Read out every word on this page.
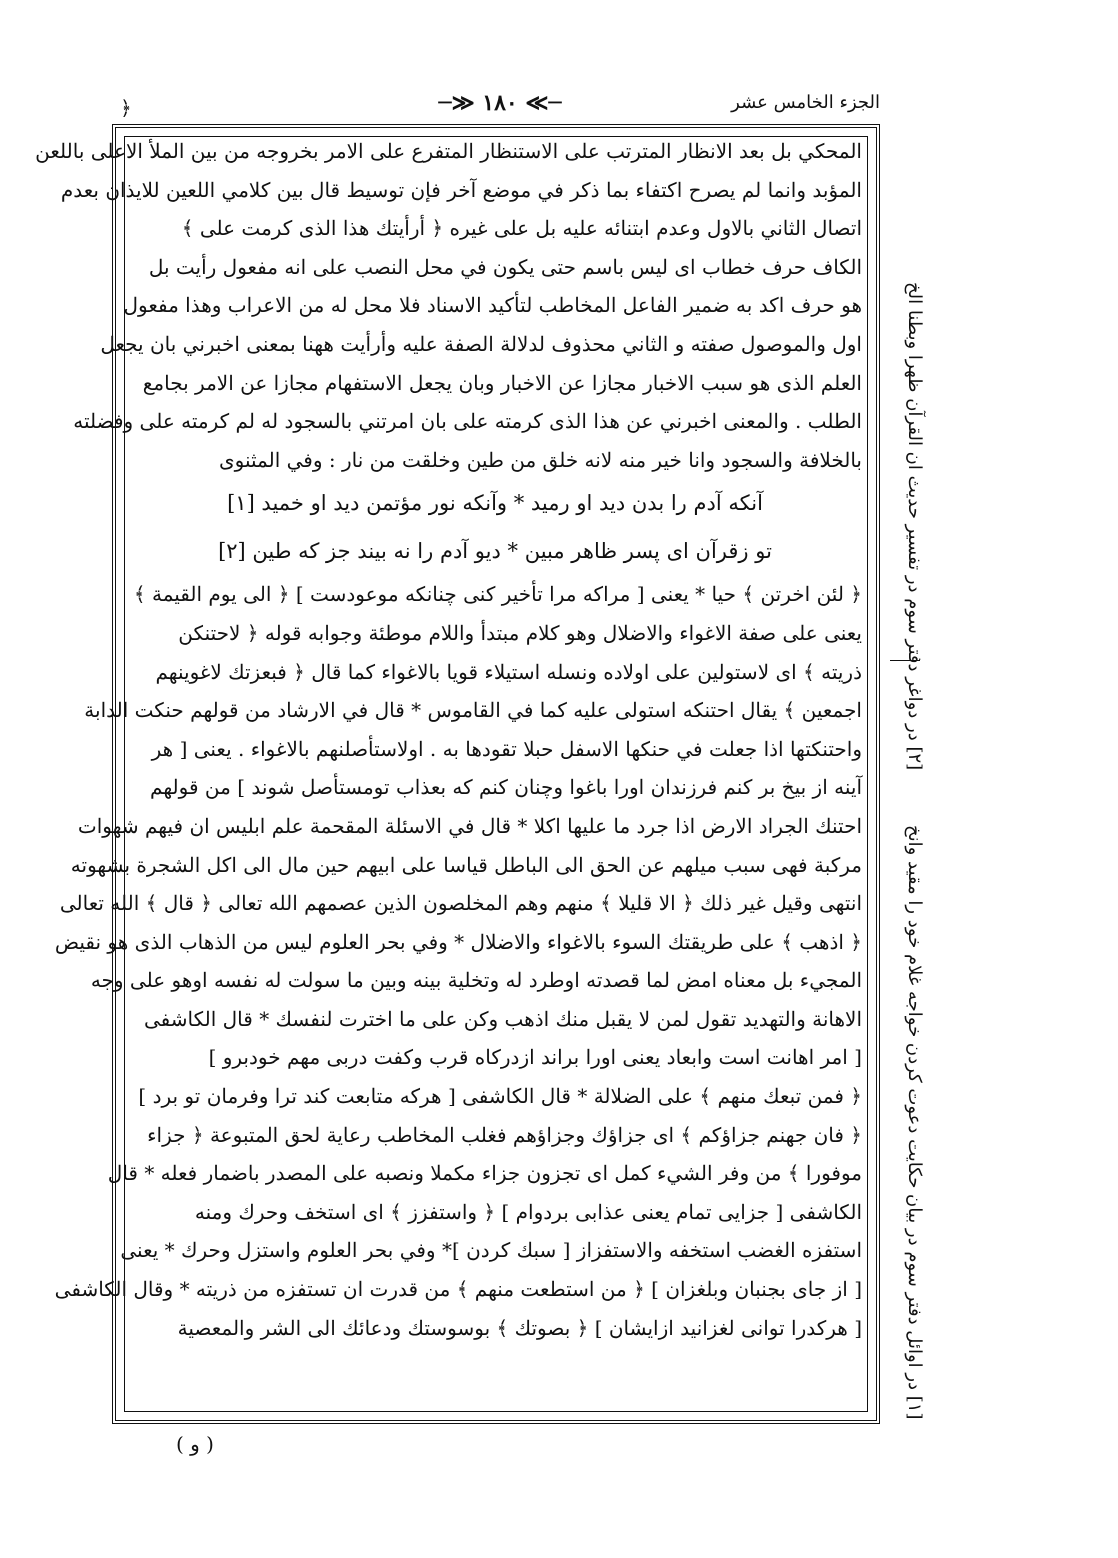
﴿	─≫ ١٨٠ ≪─	الجزء الخامس عشر
المحكي بل بعد الانظار المترتب على الاستنظار المتفرع على الامر بخروجه من بين الملأ الاعلى باللعن
المؤبد وانما لم يصرح اكتفاء بما ذكر في موضع آخر فإن توسيط قال بين كلامي اللعين للايذان بعدم
اتصال الثاني بالاول وعدم ابتنائه عليه بل على غيره ﴿ أرأيتك هذا الذى كرمت على ﴾
الكاف حرف خطاب اى ليس باسم حتى يكون في محل النصب على انه مفعول رأيت بل
هو حرف اكد به ضمير الفاعل المخاطب لتأكيد الاسناد فلا محل له من الاعراب وهذا مفعول
اول والموصول صفته و الثاني محذوف لدلالة الصفة عليه وأرأيت ههنا بمعنى اخبرني بان يجعل
العلم الذى هو سبب الاخبار مجازا عن الاخبار وبان يجعل الاستفهام مجازا عن الامر بجامع
الطلب . والمعنى اخبرني عن هذا الذى كرمته على بان امرتني بالسجود له لم كرمته على وفضلته
بالخلافة والسجود وانا خير منه لانه خلق من طين وخلقت من نار : وفي المثنوى
آنكه آدم را بدن ديد او رميد * وآنكه نور مؤتمن ديد او خميد [١]
تو زقرآن اى پسر ظاهر مبين * ديو آدم را نه بيند جز كه طين [٢]
﴿ لئن اخرتن ﴾ حيا * يعنى [ مراكه مرا تأخير كنى چنانكه موعودست ] ﴿ الى يوم القيمة ﴾
يعنى على صفة الاغواء والاضلال وهو كلام مبتدأ واللام موطئة وجوابه قوله ﴿ لاحتنكن
ذريته ﴾ اى لاستولين على اولاده ونسله استيلاء قويا بالاغواء كما قال ﴿ فبعزتك لاغوينهم
اجمعين ﴾ يقال احتنكه استولى عليه كما في القاموس * قال في الارشاد من قولهم حنكت الدابة
واحتنكتها اذا جعلت في حنكها الاسفل حبلا تقودها به . اولاستأصلنهم بالاغواء . يعنى [ هر
آينه از بيخ بر كنم فرزندان اورا باغوا وچنان كنم كه بعذاب تومستأصل شوند ] من قولهم
احتنك الجراد الارض اذا جرد ما عليها اكلا * قال في الاسئلة المقحمة علم ابليس ان فيهم شهوات
مركبة فهى سبب ميلهم عن الحق الى الباطل قياسا على ابيهم حين مال الى اكل الشجرة بشهوته
انتهى وقيل غير ذلك ﴿ الا قليلا ﴾ منهم وهم المخلصون الذين عصمهم الله تعالى ﴿ قال ﴾ الله تعالى
﴿ اذهب ﴾ على طريقتك السوء بالاغواء والاضلال * وفي بحر العلوم ليس من الذهاب الذى هو نقيض
المجيء بل معناه امض لما قصدته اوطرد له وتخلية بينه وبين ما سولت له نفسه اوهو على وجه
الاهانة والتهديد تقول لمن لا يقبل منك اذهب وكن على ما اخترت لنفسك * قال الكاشفى
[ امر اهانت است وابعاد يعنى اورا براند ازدركاه قرب وكفت دربى مهم خودبرو ]
﴿ فمن تبعك منهم ﴾ على الضلالة * قال الكاشفى [ هركه متابعت كند ترا وفرمان تو برد ]
﴿ فان جهنم جزاؤكم ﴾ اى جزاؤك وجزاؤهم فغلب المخاطب رعاية لحق المتبوعة ﴿ جزاء
موفورا ﴾ من وفر الشيء كمل اى تجزون جزاء مكملا ونصبه على المصدر باضمار فعله * قال
الكاشفى [ جزايى تمام يعنى عذابى بردوام ] ﴿ واستفزز ﴾ اى استخف وحرك ومنه
استفزه الغضب استخفه والاستفزاز [ سبك كردن ]* وفي بحر العلوم واستزل وحرك * يعنى
[ از جاى بجنبان وبلغزان ] ﴿ من استطعت منهم ﴾ من قدرت ان تستفزه من ذريته * وقال الكاشفى
[ هركدرا توانى لغزانيد ازايشان ] ﴿ بصوتك ﴾ بوسوستك ودعائك الى الشر والمعصية
[٢] در دواغر دفتر سوم در تفسير حديث ان القرآن ظهرا وبطنا الخ
[١] در اوائل دفتر سوم در بيان حكايت دعوت كردن خواجه غلام خود را مقيد وانخ
( و )
